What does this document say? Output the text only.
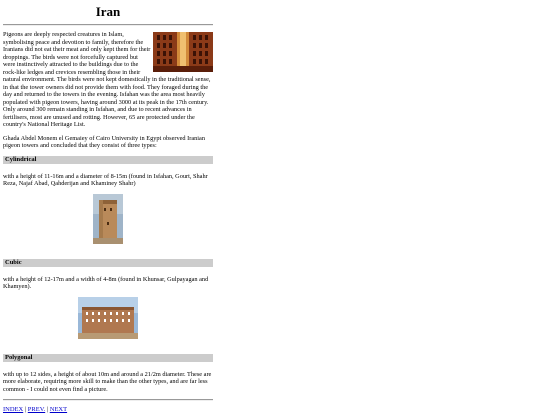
Iran

Pigeons are deeply respected creatures in Islam, symbolising peace and devotion to family, therefore the Iranians did not eat their meat and only kept them for their droppings. The birds were not forcefully captured but were instinctively attracted to the buildings due to the rock-like ledges and crevices resembling those in their natural environment. The birds were not kept domestically in the traditional sense, in that the tower owners did not provide them with food. They foraged during the day and returned to the towers in the evening. Isfahan was the area most heavily populated with pigeon towers, having around 3000 at its peak in the 17th century. Only around 300 remain standing in Isfahan, and due to recent advances in fertilisers, most are unused and rotting. However, 65 are protected under the country's National Heritage List.

Ghada Abdel Monem el Gemaiey of Cairo University in Egypt observed Iranian pigeon towers and concluded that they consist of three types:

Cylindrical

with a height of 11-16m and a diameter of 8-15m (found in Isfahan, Gourt, Shahr Reza, Najaf Abad, Qahderijan and Khaminey Shahr)

Cubic

with a height of 12-17m and a width of 4-8m (found in Khunsar, Gulpayagan and Khamyen).

Polygonal

with up to 12 sides, a height of about 10m and around a 21/2m diameter. These are more elaborate, requiring more skill to make than the other types, and are far less common - I could not even find a picture.

INDEX | PREV. | NEXT
